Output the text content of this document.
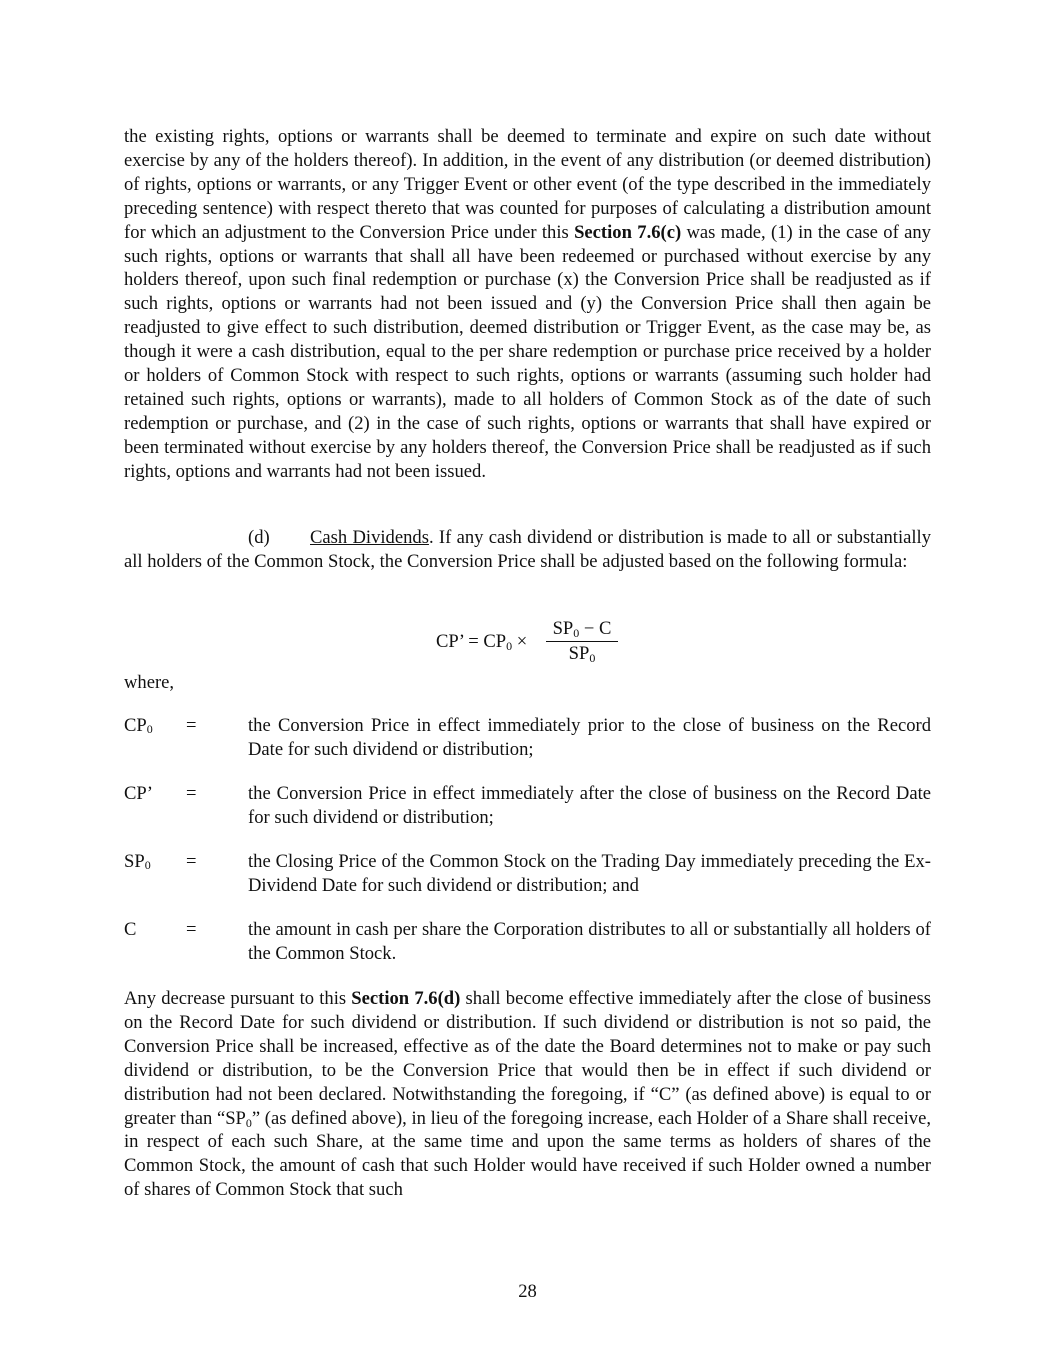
the existing rights, options or warrants shall be deemed to terminate and expire on such date without exercise by any of the holders thereof). In addition, in the event of any distribution (or deemed distribution) of rights, options or warrants, or any Trigger Event or other event (of the type described in the immediately preceding sentence) with respect thereto that was counted for purposes of calculating a distribution amount for which an adjustment to the Conversion Price under this Section 7.6(c) was made, (1) in the case of any such rights, options or warrants that shall all have been redeemed or purchased without exercise by any holders thereof, upon such final redemption or purchase (x) the Conversion Price shall be readjusted as if such rights, options or warrants had not been issued and (y) the Conversion Price shall then again be readjusted to give effect to such distribution, deemed distribution or Trigger Event, as the case may be, as though it were a cash distribution, equal to the per share redemption or purchase price received by a holder or holders of Common Stock with respect to such rights, options or warrants (assuming such holder had retained such rights, options or warrants), made to all holders of Common Stock as of the date of such redemption or purchase, and (2) in the case of such rights, options or warrants that shall have expired or been terminated without exercise by any holders thereof, the Conversion Price shall be readjusted as if such rights, options and warrants had not been issued.

(d) Cash Dividends. If any cash dividend or distribution is made to all or substantially all holders of the Common Stock, the Conversion Price shall be adjusted based on the following formula:

CP’ = $CP_0$ ×
$SP_0 - C$
$SP_0$
where,
$CP_0$ =	the Conversion Price in effect immediately prior to the close of business on the Record Date for such dividend or distribution;
CP’ =	the Conversion Price in effect immediately after the close of business on the Record Date for such dividend or distribution;
$SP_0$ =	the Closing Price of the Common Stock on the Trading Day immediately preceding the Ex-Dividend Date for such dividend or distribution; and
C	=	the amount in cash per share the Corporation distributes to all or substantially all holders of the Common Stock.

Any decrease pursuant to this Section 7.6(d) shall become effective immediately after the close of business on the Record Date for such dividend or distribution. If such dividend or distribution is not so paid, the Conversion Price shall be increased, effective as of the date the Board determines not to make or pay such dividend or distribution, to be the Conversion Price that would then be in effect if such dividend or distribution had not been declared. Notwithstanding the foregoing, if “C” (as defined above) is equal to or greater than “$SP_0$” (as defined above), in lieu of the foregoing increase, each Holder of a Share shall receive, in respect of each such Share, at the same time and upon the same terms as holders of shares of the Common Stock, the amount of cash that such Holder would have received if such Holder owned a number of shares of Common Stock that such

28
